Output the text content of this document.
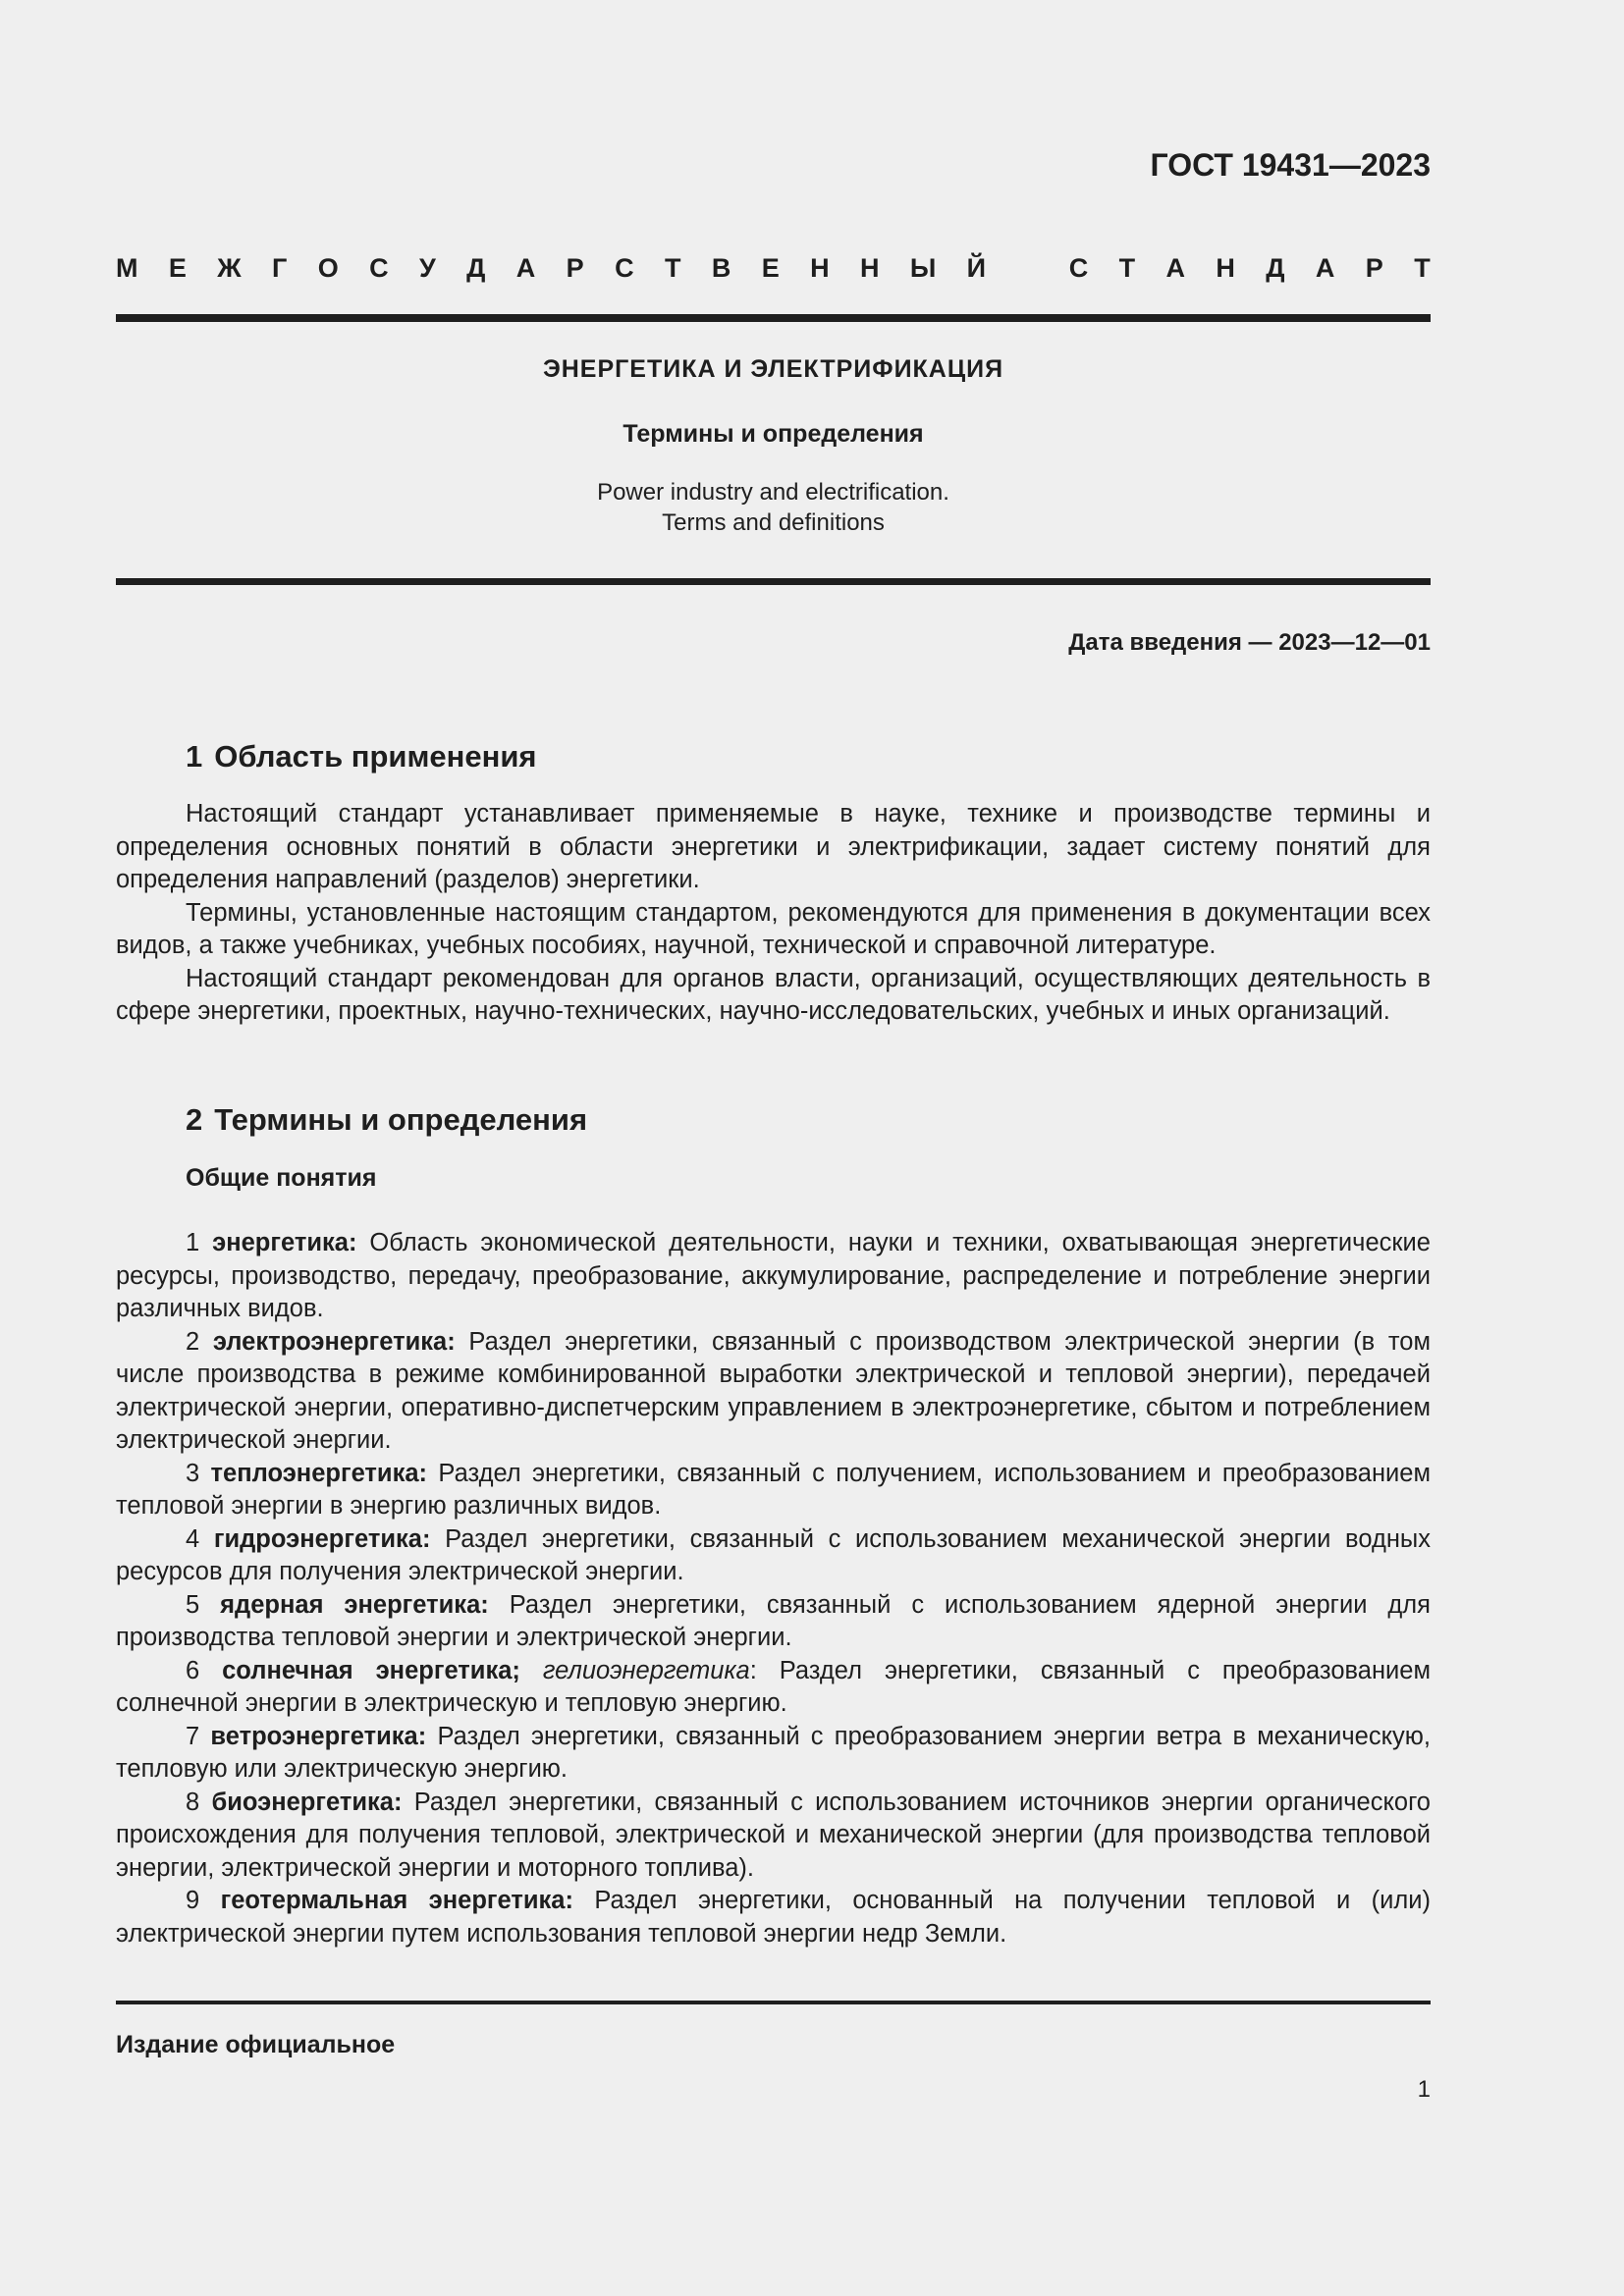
ГОСТ 19431—2023

М Е Ж Г О С У Д А Р С Т В Е Н Н Ы Й	С Т А Н Д А Р Т

ЭНЕРГЕТИКА И ЭЛЕКТРИФИКАЦИЯ

Термины и определения

Power industry and electrification.

Terms and definitions

Дата введения — 2023—12—01

1 Область применения

Настоящий стандарт устанавливает применяемые в науке, технике и производстве термины и определения основных понятий в области энергетики и электрификации, задает систему понятий для определения направлений (разделов) энергетики.

Термины, установленные настоящим стандартом, рекомендуются для применения в документации всех видов, а также учебниках, учебных пособиях, научной, технической и справочной литературе.

Настоящий стандарт рекомендован для органов власти, организаций, осуществляющих деятельность в сфере энергетики, проектных, научно-технических, научно-исследовательских, учебных и иных организаций.

2 Термины и определения
Общие понятия

1 энергетика: Область экономической деятельности, науки и техники, охватывающая энергетические ресурсы, производство, передачу, преобразование, аккумулирование, распределение и потребление энергии различных видов.

2 электроэнергетика: Раздел энергетики, связанный с производством электрической энергии (в том числе производства в режиме комбинированной выработки электрической и тепловой энергии), передачей электрической энергии, оперативно-диспетчерским управлением в электроэнергетике, сбытом и потреблением электрической энергии.

3 теплоэнергетика: Раздел энергетики, связанный с получением, использованием и преобразованием тепловой энергии в энергию различных видов.

4 гидроэнергетика: Раздел энергетики, связанный с использованием механической энергии водных ресурсов для получения электрической энергии.

5 ядерная энергетика: Раздел энергетики, связанный с использованием ядерной энергии для производства тепловой энергии и электрической энергии.

6 солнечная энергетика; гелиоэнергетика: Раздел энергетики, связанный с преобразованием солнечной энергии в электрическую и тепловую энергию.

7 ветроэнергетика: Раздел энергетики, связанный с преобразованием энергии ветра в механическую, тепловую или электрическую энергию.

8 биоэнергетика: Раздел энергетики, связанный с использованием источников энергии органического происхождения для получения тепловой, электрической и механической энергии (для производства тепловой энергии, электрической энергии и моторного топлива).

9 геотермальная энергетика: Раздел энергетики, основанный на получении тепловой и (или) электрической энергии путем использования тепловой энергии недр Земли.

Издание официальное

1
